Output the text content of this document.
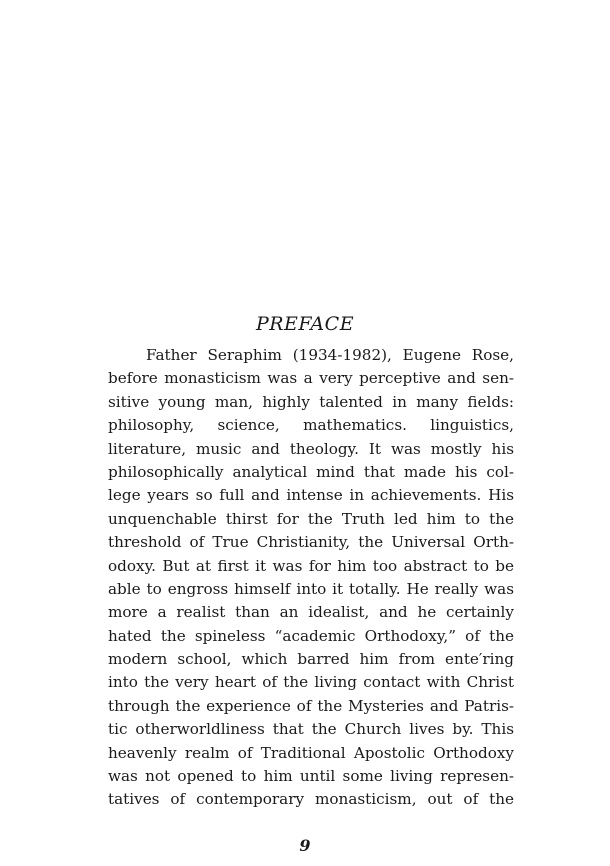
PREFACE
Father Seraphim (1934-1982), Eugene Rose,
before monasticism was a very perceptive and sen-
sitive young man, highly talented in many fields:
philosophy, science, mathematics. linguistics,
literature, music and theology. It was mostly his
philosophically analytical mind that made his col-
lege years so full and intense in achievements. His
unquenchable thirst for the Truth led him to the
threshold of True Christianity, the Universal Orth-
odoxy. But at first it was for him too abstract to be
able to engross himself into it totally. He really was
more a realist than an idealist, and he certainly
hated the spineless “academic Orthodoxy,” of the
modern school, which barred him from ente′ring
into the very heart of the living contact with Christ
through the experience of the Mysteries and Patris-
tic otherworldliness that the Church lives by. This
heavenly realm of Traditional Apostolic Orthodoxy
was not opened to him until some living represen-
tatives of contemporary monasticism, out of the
9
